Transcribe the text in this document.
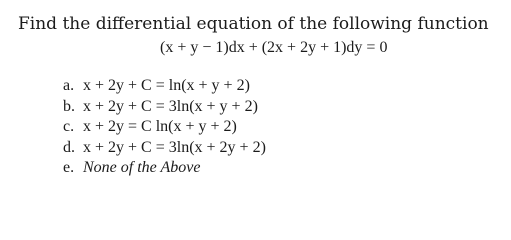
Find the differential equation of the following function
(x + y − 1)dx + (2x + 2y + 1)dy = 0
a. x + 2y + C = ln(x + y + 2)
b. x + 2y + C = 3ln(x + y + 2)
c. x + 2y = C ln(x + y + 2)
d. x + 2y + C = 3ln(x + 2y + 2)
e. None of the Above
